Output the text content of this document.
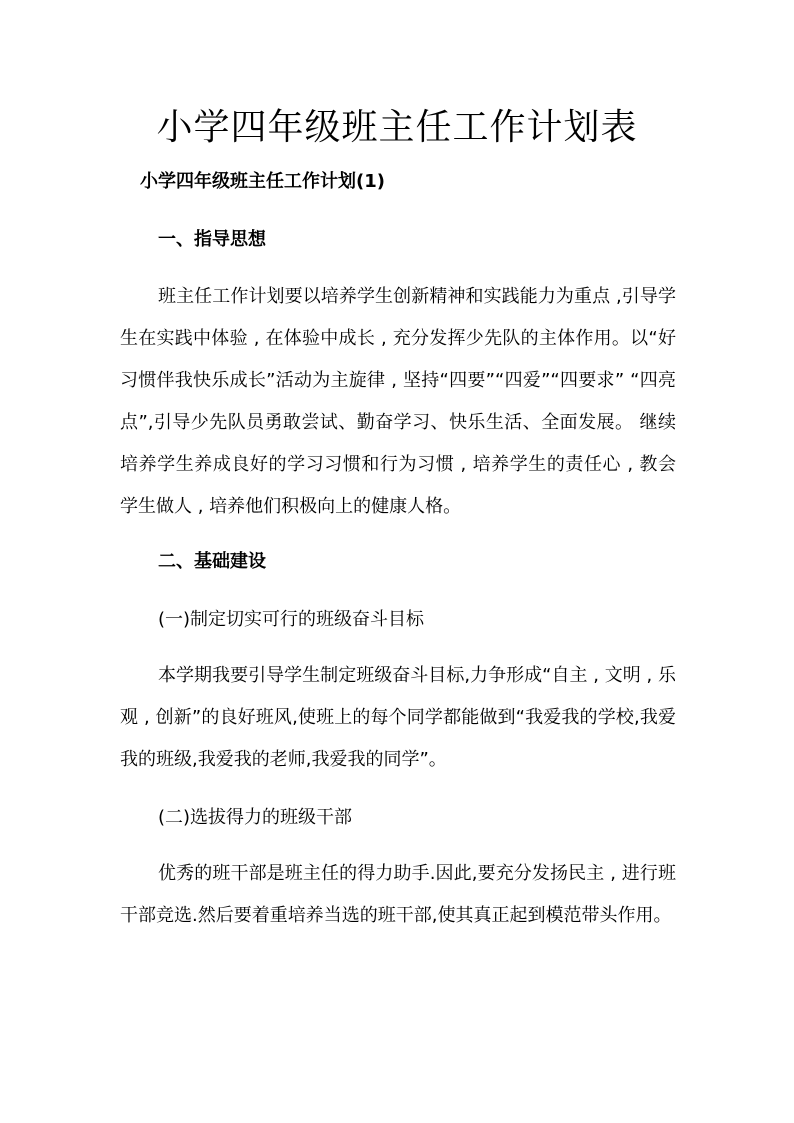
小学四年级班主任工作计划表
小学四年级班主任工作计划(1)
一、指导思想

班主任工作计划要以培养学生创新精神和实践能力为重点 ,引导学生在实践中体验 , 在体验中成长 , 充分发挥少先队的主体作用。以“好习惯伴我快乐成长”活动为主旋律 , 坚持“四要”“四爱”“四要求” “四亮点”,引导少先队员勇敢尝试、勤奋学习、快乐生活、全面发展。 继续培养学生养成良好的学习习惯和行为习惯 , 培养学生的责任心 , 教会学生做人 , 培养他们积极向上的健康人格。

二、基础建设

(一)制定切实可行的班级奋斗目标

本学期我要引导学生制定班级奋斗目标,力争形成“自主 , 文明 , 乐观 , 创新”的良好班风,使班上的每个同学都能做到“我爱我的学校,我爱我的班级,我爱我的老师,我爱我的同学”。

(二)选拔得力的班级干部

优秀的班干部是班主任的得力助手.因此,要充分发扬民主 , 进行班干部竞选.然后要着重培养当选的班干部,使其真正起到模范带头作用。
